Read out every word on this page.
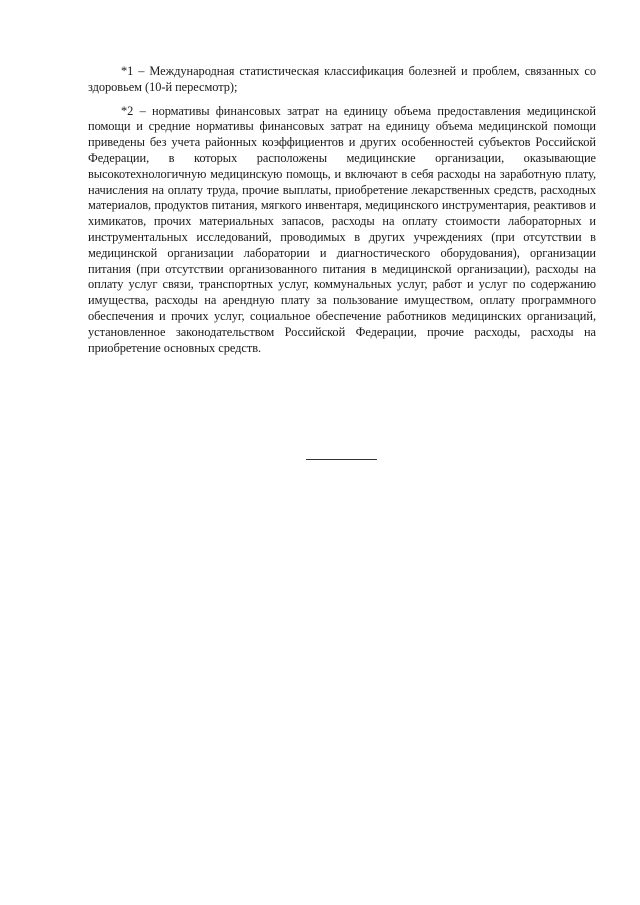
*1 – Международная статистическая классификация болезней и проблем, связанных со здоровьем (10-й пересмотр);

*2 – нормативы финансовых затрат на единицу объема предоставления медицинской помощи и средние нормативы финансовых затрат на единицу объема медицинской помощи приведены без учета районных коэффициентов и других особенностей субъектов Российской Федерации, в которых расположены медицинские организации, оказывающие высокотехнологичную медицинскую помощь, и включают в себя расходы на заработную плату, начисления на оплату труда, прочие выплаты, приобретение лекарственных средств, расходных материалов, продуктов питания, мягкого инвентаря, медицинского инструментария, реактивов и химикатов, прочих материальных запасов, расходы на оплату стоимости лабораторных и инструментальных исследований, проводимых в других учреждениях (при отсутствии в медицинской организации лаборатории и диагностического оборудования), организации питания (при отсутствии организованного питания в медицинской организации), расходы на оплату услуг связи, транспортных услуг, коммунальных услуг, работ и услуг по содержанию имущества, расходы на арендную плату за пользование имуществом, оплату программного обеспечения и прочих услуг, социальное обеспечение работников медицинских организаций, установленное законодательством Российской Федерации, прочие расходы, расходы на приобретение основных средств.
